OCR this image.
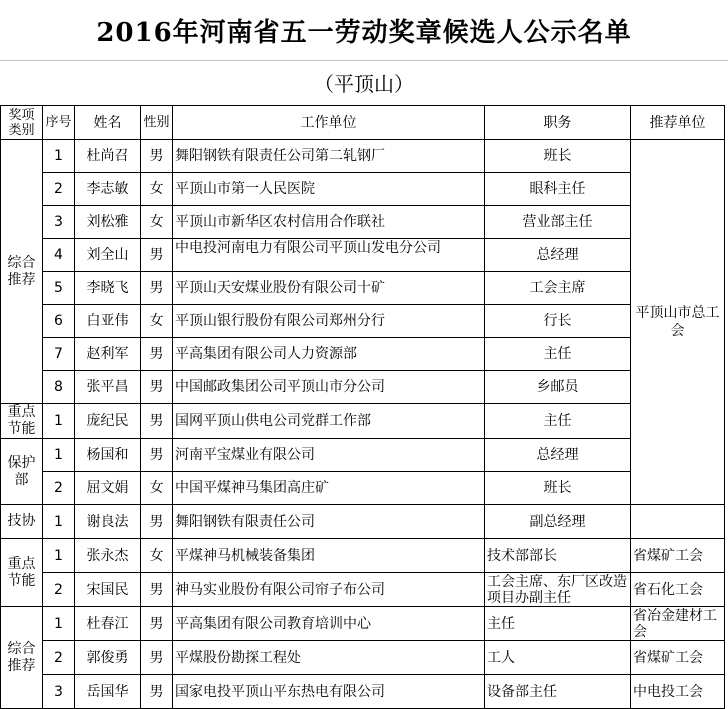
2016年河南省五一劳动奖章候选人公示名单
（平顶山）
奖项类别	序号	姓名	性别	工作单位	职务	推荐单位
综合推荐	1	杜尚召	男	舞阳钢铁有限责任公司第二轧钢厂	班长	平顶山市总工会
	2	李志敏	女	平顶山市第一人民医院	眼科主任	
	3	刘松雅	女	平顶山市新华区农村信用合作联社	营业部主任	
	4	刘全山	男	中电投河南电力有限公司平顶山发电分公司	总经理	
	5	李晓飞	男	平顶山天安煤业股份有限公司十矿	工会主席	
	6	白亚伟	女	平顶山银行股份有限公司郑州分行	行长	
	7	赵利军	男	平高集团有限公司人力资源部	主任	
	8	张平昌	男	中国邮政集团公司平顶山市分公司	乡邮员	
重点节能	1	庞纪民	男	国网平顶山供电公司党群工作部	主任	
保护部	1	杨国和	男	河南平宝煤业有限公司	总经理	
	2	屈文娟	女	中国平煤神马集团高庄矿	班长	
技协	1	谢良法	男	舞阳钢铁有限责任公司	副总经理	
重点节能	1	张永杰	女	平煤神马机械装备集团	技术部部长	省煤矿工会
	2	宋国民	男	神马实业股份有限公司帘子布公司	工会主席、东厂区改造项目办副主任	省石化工会
综合推荐	1	杜春江	男	平高集团有限公司教育培训中心	主任	省冶金建材工会

	2	郭俊勇	男	平煤股份勘探工程处	工人	省煤矿工会
	3	岳国华	男	国家电投平顶山平东热电有限公司	设备部主任	中电投工会
